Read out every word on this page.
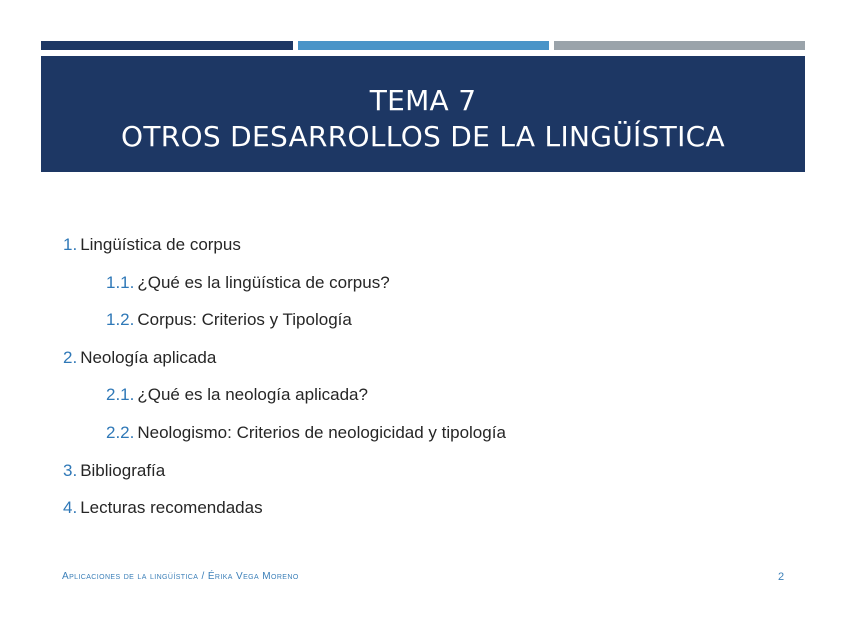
TEMA 7
OTROS DESARROLLOS DE LA LINGÜÍSTICA
1. Lingüística de corpus
1.1. ¿Qué es la lingüística de corpus?
1.2. Corpus: Criterios y Tipología
2. Neología aplicada
2.1. ¿Qué es la neología aplicada?
2.2. Neologismo: Criterios de neologicidad y tipología
3. Bibliografía
4. Lecturas recomendadas
Aplicaciones de la lingüística / Érika Vega Moreno	2
